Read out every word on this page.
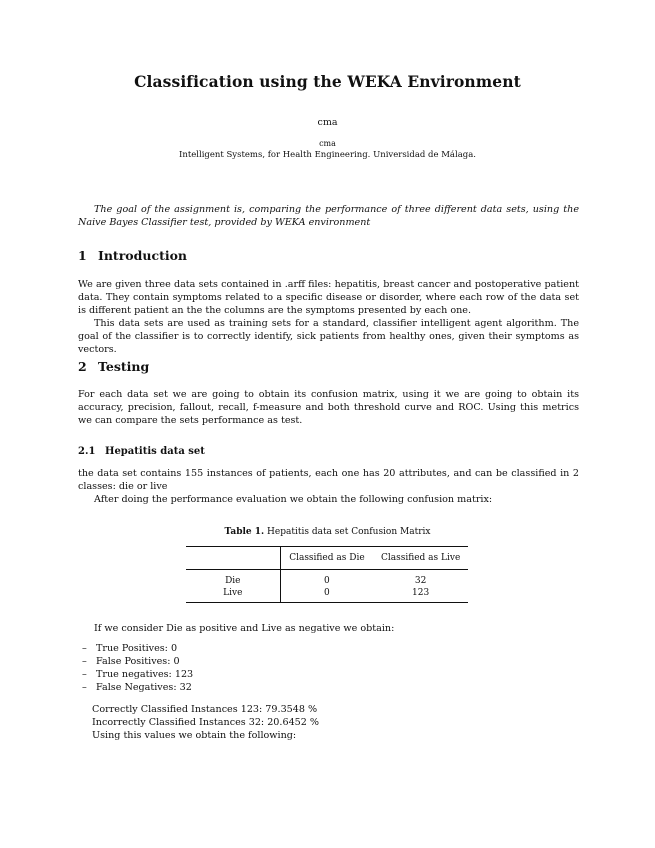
Classification using the WEKA Environment
cma
cma
Intelligent Systems, for Health Engineering. Universidad de Málaga.

The goal of the assignment is, comparing the performance of three different data sets, using the Naive Bayes Classifier test, provided by WEKA environment

1 Introduction

We are given three data sets contained in .arff files: hepatitis, breast cancer and postoperative patient data. They contain symptoms related to a specific disease or disorder, where each row of the data set is different patient an the the columns are the symptoms presented by each one.

This data sets are used as training sets for a standard, classifier intelligent agent algorithm. The goal of the classifier is to correctly identify, sick patients from healthy ones, given their symptoms as vectors.

2 Testing

For each data set we are going to obtain its confusion matrix, using it we are going to obtain its accuracy, precision, fallout, recall, f-measure and both threshold curve and ROC. Using this metrics we can compare the sets performance as test.

2.1 Hepatitis data set

the data set contains 155 instances of patients, each one has 20 attributes, and can be classified in 2 classes: die or live

After doing the performance evaluation we obtain the following confusion matrix:

Table 1. Hepatitis data set Confusion Matrix
	Classified as Die	Classified as Live
Die	0	32
Live	0	123

If we consider Die as positive and Live as negative we obtain:

– True Positives: 0
– False Positives: 0
– True negatives: 123
– False Negatives: 32
Correctly Classified Instances 123: 79.3548 %
Incorrectly Classified Instances 32: 20.6452 %
Using this values we obtain the following:
